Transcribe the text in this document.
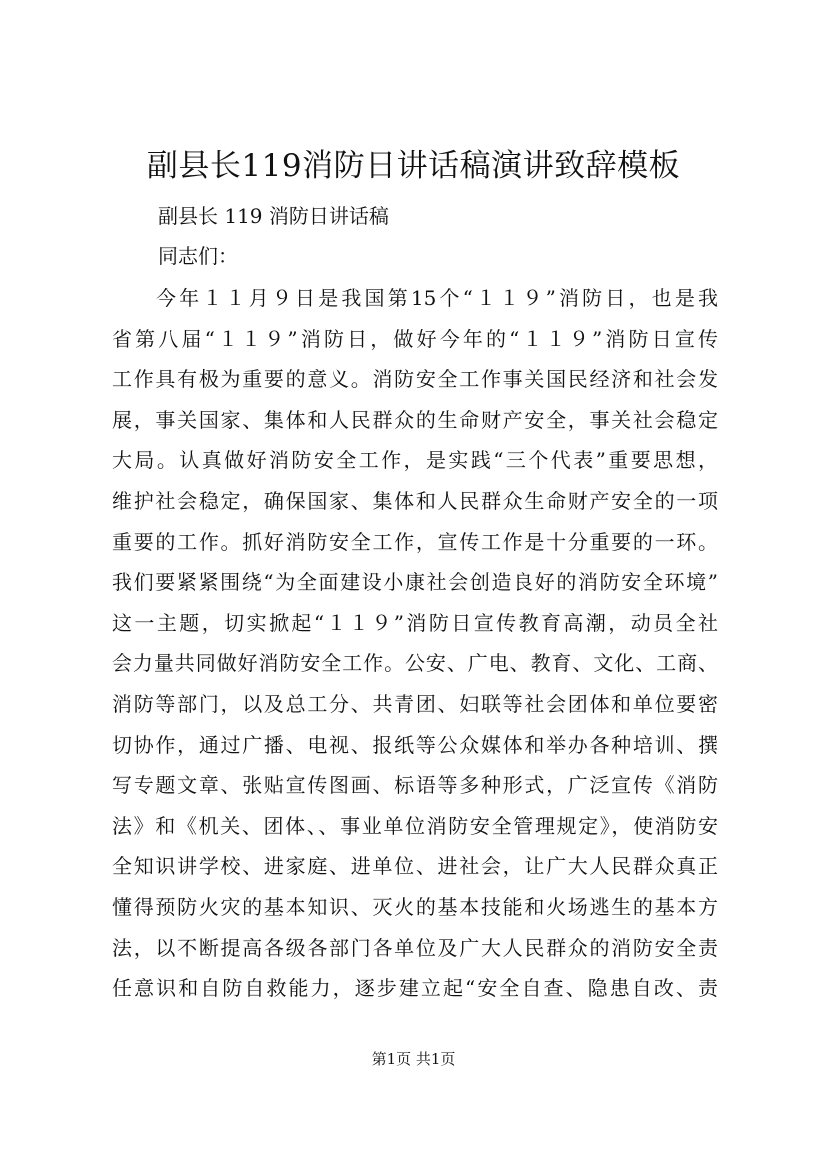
副县长119消防日讲话稿演讲致辞模板

副县长 119 消防日讲话稿

同志们：

今年１１月９日是我国第15个“１１９”消防日，也是我
省第八届“１１９”消防日，做好今年的“１１９”消防日宣传
工作具有极为重要的意义。消防安全工作事关国民经济和社会发
展，事关国家、集体和人民群众的生命财产安全，事关社会稳定
大局。认真做好消防安全工作，是实践“三个代表”重要思想，
维护社会稳定，确保国家、集体和人民群众生命财产安全的一项
重要的工作。抓好消防安全工作，宣传工作是十分重要的一环。
我们要紧紧围绕“为全面建设小康社会创造良好的消防安全环境”
这一主题，切实掀起“１１９”消防日宣传教育高潮，动员全社
会力量共同做好消防安全工作。公安、广电、教育、文化、工商、
消防等部门，以及总工分、共青团、妇联等社会团体和单位要密
切协作，通过广播、电视、报纸等公众媒体和举办各种培训、撰
写专题文章、张贴宣传图画、标语等多种形式，广泛宣传《消防
法》和《机关、团体、、事业单位消防安全管理规定》，使消防安
全知识讲学校、进家庭、进单位、进社会，让广大人民群众真正
懂得预防火灾的基本知识、灭火的基本技能和火场逃生的基本方
法，以不断提高各级各部门各单位及广大人民群众的消防安全责
任意识和自防自救能力，逐步建立起“安全自查、隐患自改、责

第1页 共1页
